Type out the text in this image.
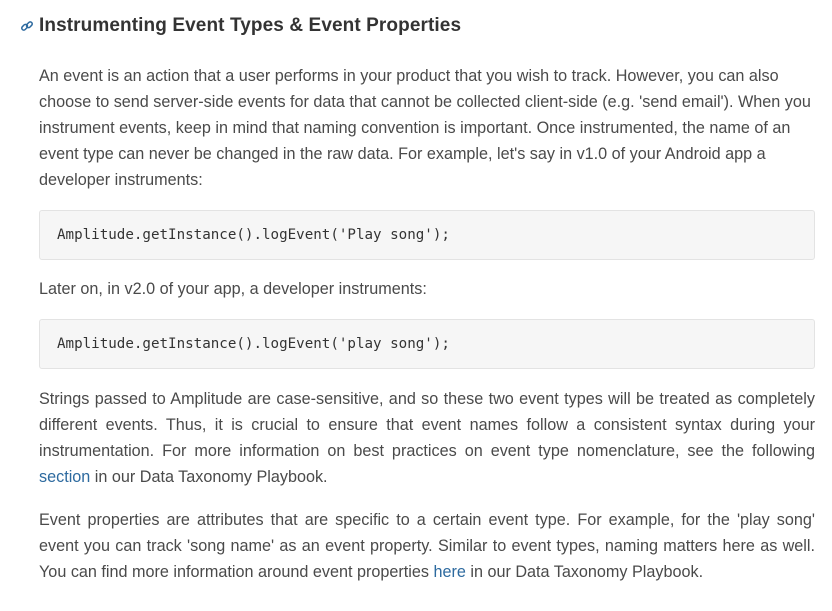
Instrumenting Event Types & Event Properties

An event is an action that a user performs in your product that you wish to track. However, you can also choose to send server-side events for data that cannot be collected client-side (e.g. 'send email'). When you instrument events, keep in mind that naming convention is important. Once instrumented, the name of an event type can never be changed in the raw data. For example, let's say in v1.0 of your Android app a developer instruments:

Amplitude.getInstance().logEvent('Play song');

Later on, in v2.0 of your app, a developer instruments:

Amplitude.getInstance().logEvent('play song');

Strings passed to Amplitude are case-sensitive, and so these two event types will be treated as completely different events. Thus, it is crucial to ensure that event names follow a consistent syntax during your instrumentation. For more information on best practices on event type nomenclature, see the following section in our Data Taxonomy Playbook.

Event properties are attributes that are specific to a certain event type. For example, for the 'play song' event you can track 'song name' as an event property. Similar to event types, naming matters here as well. You can find more information around event properties here in our Data Taxonomy Playbook.
